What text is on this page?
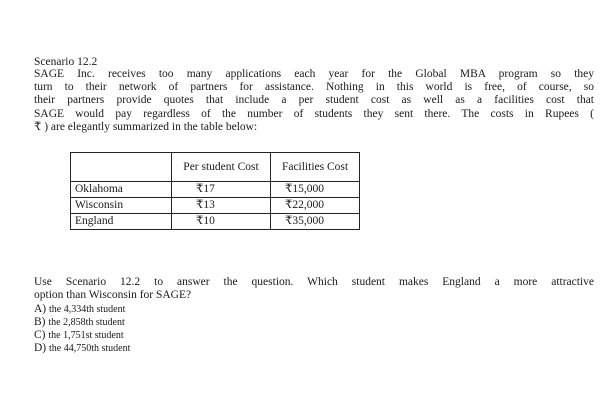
Scenario 12.2
SAGE Inc. receives too many applications each year for the Global MBA program so they
turn to their network of partners for assistance. Nothing in this world is free, of course, so
their partners provide quotes that include a per student cost as well as a facilities cost that
SAGE would pay regardless of the number of students they sent there. The costs in Rupees (
₹ ) are elegantly summarized in the table below:
	Per student Cost	Facilities Cost
Oklahoma	₹17	₹15,000
Wisconsin	₹13	₹22,000
England	₹10	₹35,000
Use Scenario 12.2 to answer the question. Which student makes England a more attractive
option than Wisconsin for SAGE?
A) the 4,334th student
B) the 2,858th student
C) the 1,751st student
D) the 44,750th student
